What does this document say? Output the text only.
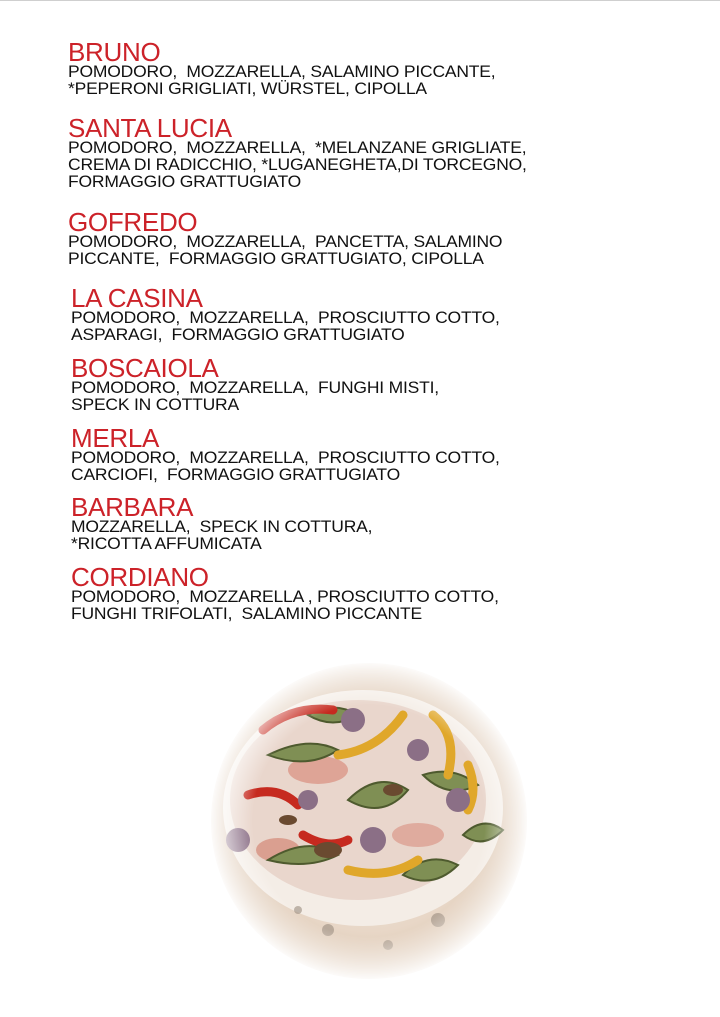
BRUNO
POMODORO,  MOZZARELLA, SALAMINO PICCANTE,
*PEPERONI GRIGLIATI, WÜRSTEL, CIPOLLA
SANTA LUCIA
POMODORO,  MOZZARELLA,  *MELANZANE GRIGLIATE,
CREMA DI RADICCHIO, *LUGANEGHETA,DI TORCEGNO,
FORMAGGIO GRATTUGIATO
GOFREDO
POMODORO,  MOZZARELLA,  PANCETTA, SALAMINO
PICCANTE,  FORMAGGIO GRATTUGIATO, CIPOLLA
LA CASINA
POMODORO,  MOZZARELLA,  PROSCIUTTO COTTO,
ASPARAGI,  FORMAGGIO GRATTUGIATO
BOSCAIOLA
POMODORO,  MOZZARELLA,  FUNGHI MISTI,
SPECK IN COTTURA
MERLA
POMODORO,  MOZZARELLA,  PROSCIUTTO COTTO,
CARCIOFI,  FORMAGGIO GRATTUGIATO
BARBARA
MOZZARELLA,  SPECK IN COTTURA,
*RICOTTA AFFUMICATA
CORDIANO
POMODORO,  MOZZARELLA , PROSCIUTTO COTTO,
FUNGHI TRIFOLATI,  SALAMINO PICCANTE
